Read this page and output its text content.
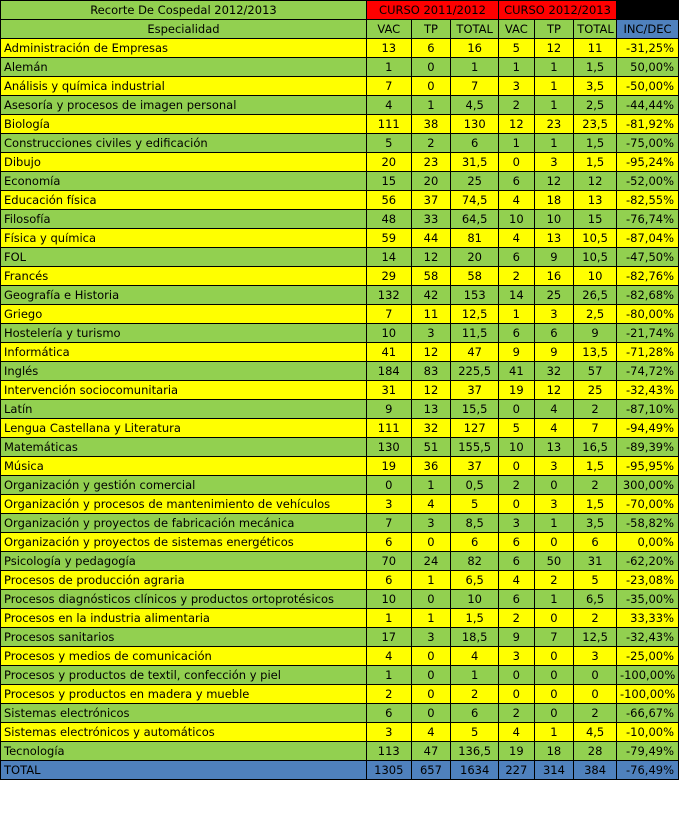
Recorte De Cospedal 2012/2013	CURSO 2011/2012			CURSO 2012/2013			
Especialidad	VAC	TP	TOTAL	VAC	TP	TOTAL	INC/DEC
Administración de Empresas	13	6	16	5	12	11	-31,25%
Alemán	1	0	1	1	1	1,5	50,00%
Análisis y química industrial	7	0	7	3	1	3,5	-50,00%
Asesoría y procesos de imagen personal	4	1	4,5	2	1	2,5	-44,44%
Biología	111	38	130	12	23	23,5	-81,92%
Construcciones civiles y edificación	5	2	6	1	1	1,5	-75,00%
Dibujo	20	23	31,5	0	3	1,5	-95,24%
Economía	15	20	25	6	12	12	-52,00%
Educación física	56	37	74,5	4	18	13	-82,55%
Filosofía	48	33	64,5	10	10	15	-76,74%
Física y química	59	44	81	4	13	10,5	-87,04%
FOL	14	12	20	6	9	10,5	-47,50%
Francés	29	58	58	2	16	10	-82,76%
Geografía e Historia	132	42	153	14	25	26,5	-82,68%
Griego	7	11	12,5	1	3	2,5	-80,00%
Hostelería y turismo	10	3	11,5	6	6	9	-21,74%
Informática	41	12	47	9	9	13,5	-71,28%
Inglés	184	83	225,5	41	32	57	-74,72%
Intervención sociocomunitaria	31	12	37	19	12	25	-32,43%
Latín	9	13	15,5	0	4	2	-87,10%
Lengua Castellana y Literatura	111	32	127	5	4	7	-94,49%
Matemáticas	130	51	155,5	10	13	16,5	-89,39%
Música	19	36	37	0	3	1,5	-95,95%
Organización y gestión comercial	0	1	0,5	2	0	2	300,00%
Organización y procesos de mantenimiento de vehículos	3	4	5	0	3	1,5	-70,00%
Organización y proyectos de fabricación mecánica	7	3	8,5	3	1	3,5	-58,82%
Organización y proyectos de sistemas energéticos	6	0	6	6	0	6	0,00%
Psicología y pedagogía	70	24	82	6	50	31	-62,20%
Procesos de producción agraria	6	1	6,5	4	2	5	-23,08%
Procesos diagnósticos clínicos y productos ortoprotésicos	10	0	10	6	1	6,5	-35,00%
Procesos en la industria alimentaria	1	1	1,5	2	0	2	33,33%
Procesos sanitarios	17	3	18,5	9	7	12,5	-32,43%
Procesos y medios de comunicación	4	0	4	3	0	3	-25,00%
Procesos y productos de textil, confección y piel	1	0	1	0	0	0	-100,00%
Procesos y productos en madera y mueble	2	0	2	0	0	0	-100,00%
Sistemas electrónicos	6	0	6	2	0	2	-66,67%
Sistemas electrónicos y automáticos	3	4	5	4	1	4,5	-10,00%
Tecnología	113	47	136,5	19	18	28	-79,49%
TOTAL	1305	657	1634	227	314	384	-76,49%
